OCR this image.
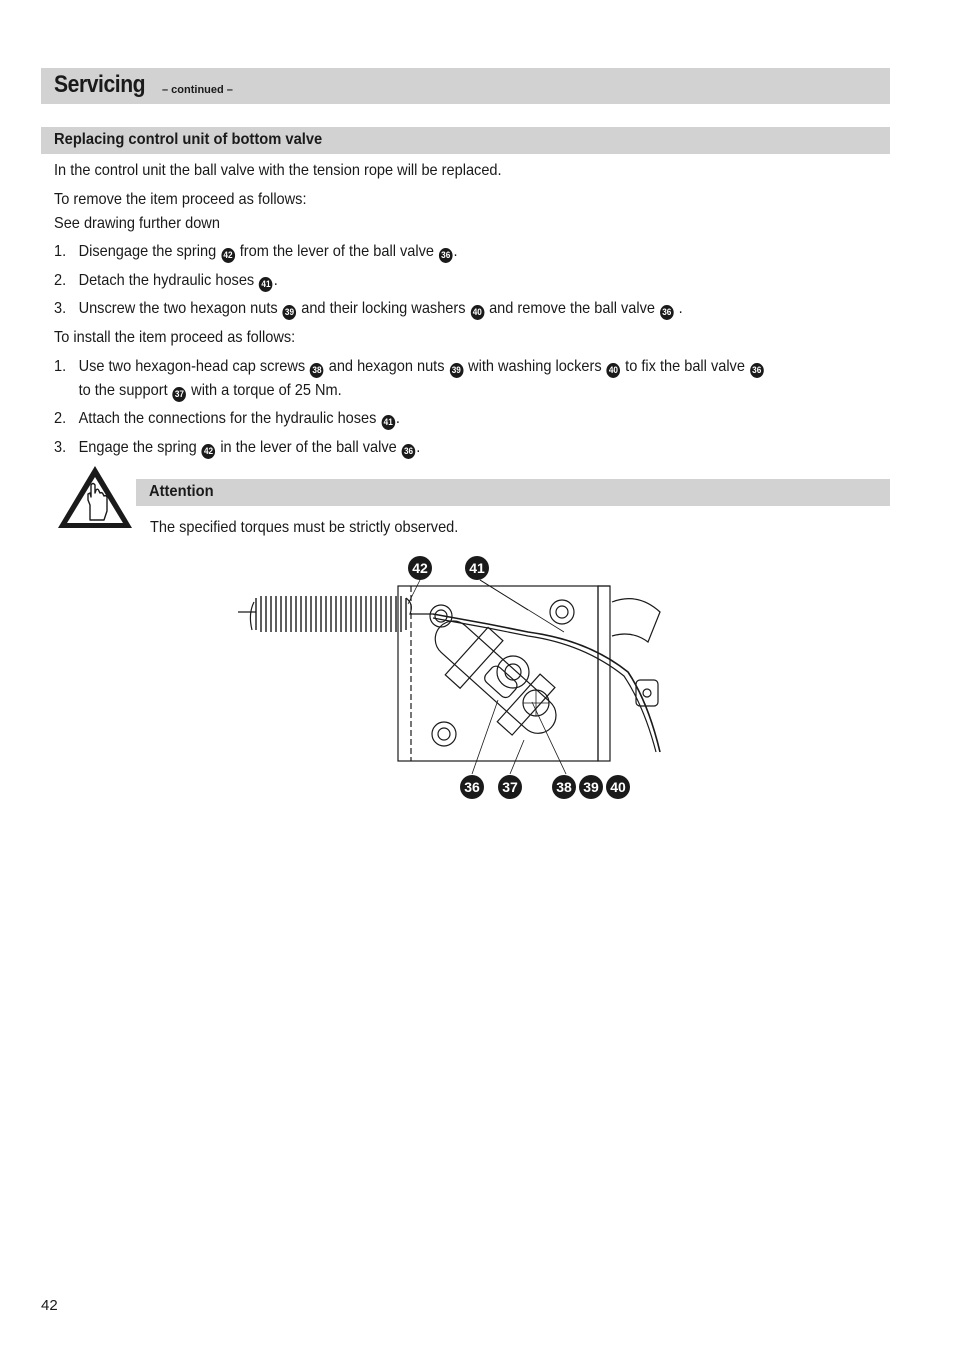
Servicing – continued –
Replacing control unit of bottom valve
In the control unit the ball valve with the tension rope will be replaced.
To remove the item proceed as follows:
See drawing further down
1. Disengage the spring 42 from the lever of the ball valve 36 .
2. Detach the hydraulic hoses 41 .
3. Unscrew the two hexagon nuts 39 and their locking washers 40 and remove the ball valve 36 .
To install the item proceed as follows:
1. Use two hexagon-head cap screws 38 and hexagon nuts 39 with washing lockers 40 to fix the ball valve 36
to the support 37 with a torque of 25 Nm.
2. Attach the connections for the hydraulic hoses 41 .
3. Engage the spring 42 in the lever of the ball valve 36 .
Attention
The specified torques must be strictly observed.
42	41
36	37	38 39 40
42
